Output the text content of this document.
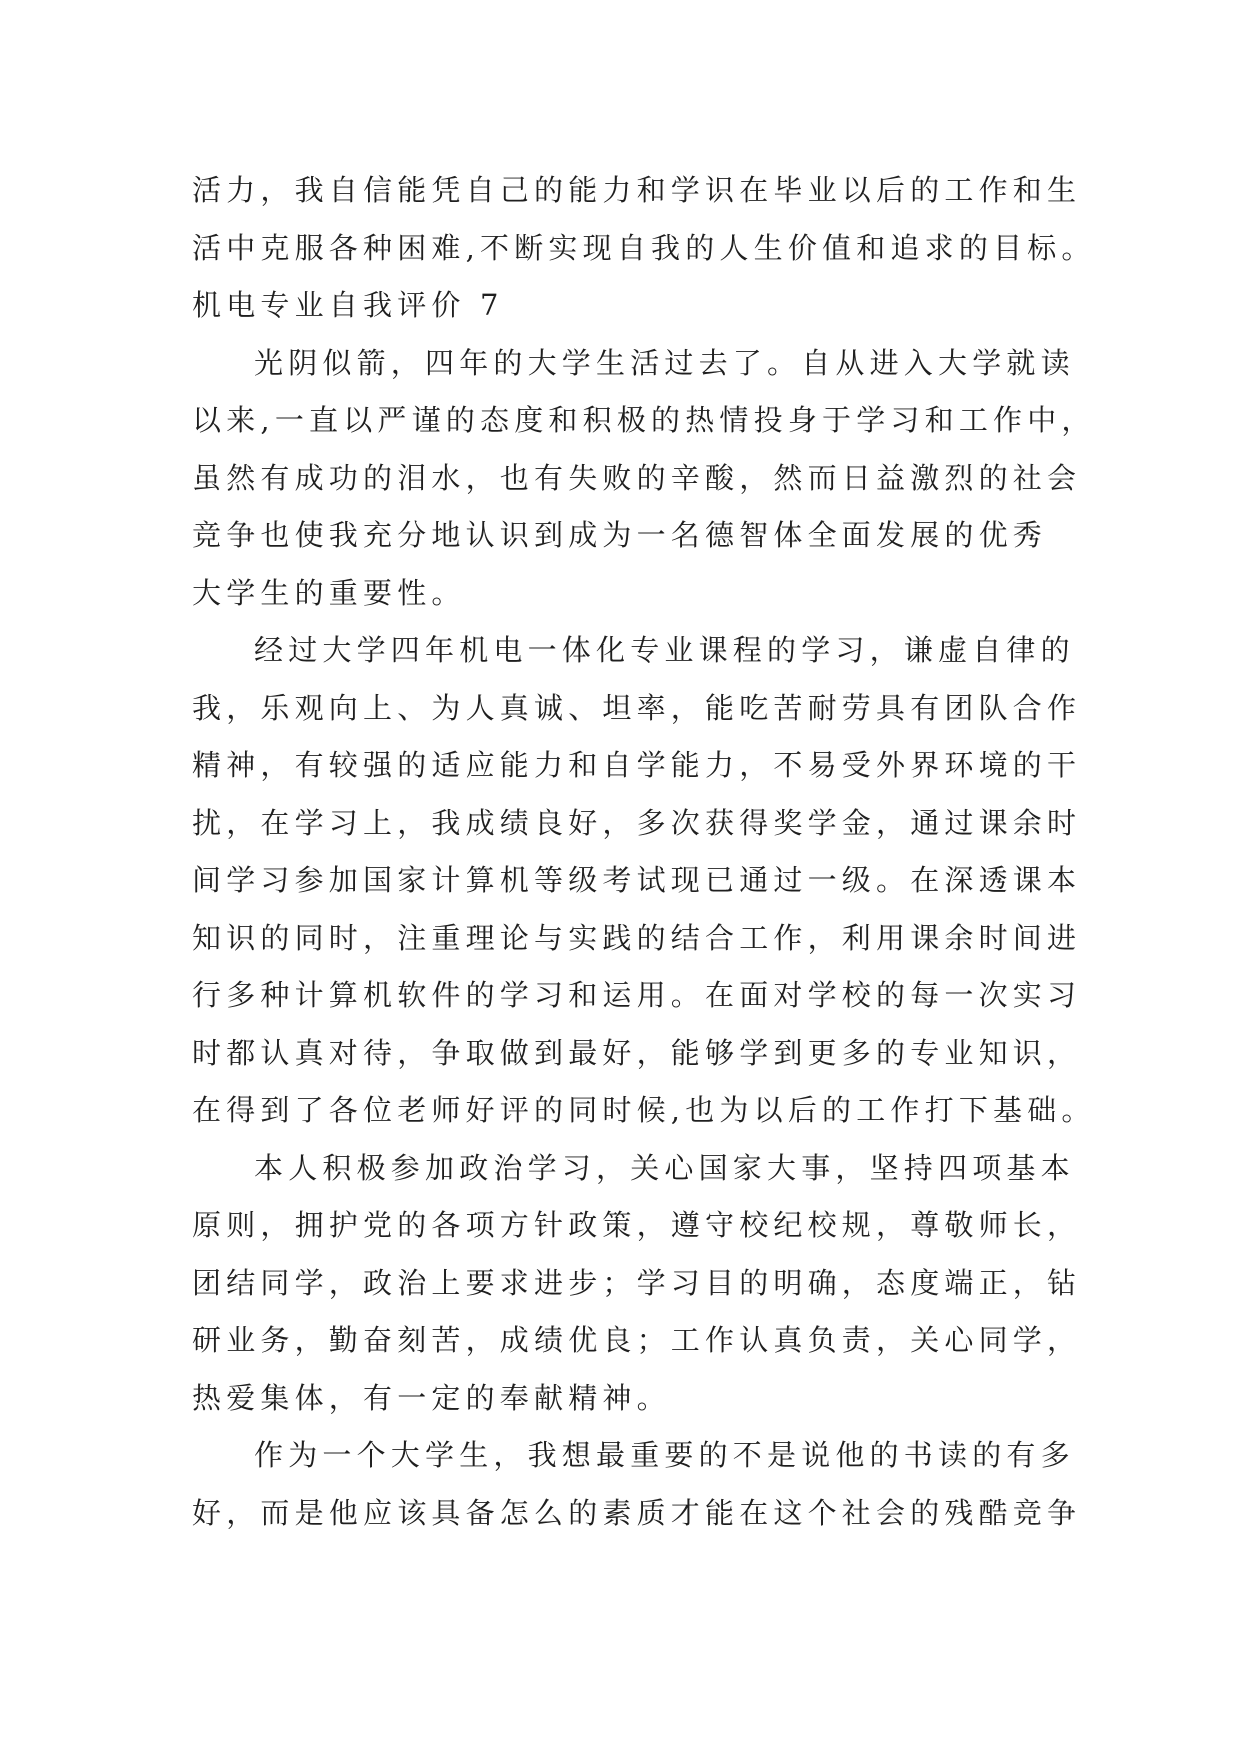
活力，我自信能凭自己的能力和学识在毕业以后的工作和生
活中克服各种困难,不断实现自我的人生价值和追求的目标。
机电专业自我评价 7
光阴似箭，四年的大学生活过去了。自从进入大学就读
以来,一直以严谨的态度和积极的热情投身于学习和工作中，
虽然有成功的泪水，也有失败的辛酸，然而日益激烈的社会
竞争也使我充分地认识到成为一名德智体全面发展的优秀
大学生的重要性。
经过大学四年机电一体化专业课程的学习，谦虚自律的
我，乐观向上、为人真诚、坦率，能吃苦耐劳具有团队合作
精神，有较强的适应能力和自学能力，不易受外界环境的干
扰，在学习上，我成绩良好，多次获得奖学金，通过课余时
间学习参加国家计算机等级考试现已通过一级。在深透课本
知识的同时，注重理论与实践的结合工作，利用课余时间进
行多种计算机软件的学习和运用。在面对学校的每一次实习
时都认真对待，争取做到最好，能够学到更多的专业知识，
在得到了各位老师好评的同时候,也为以后的工作打下基础。
本人积极参加政治学习，关心国家大事，坚持四项基本
原则，拥护党的各项方针政策，遵守校纪校规，尊敬师长，
团结同学，政治上要求进步；学习目的明确，态度端正，钻
研业务，勤奋刻苦，成绩优良；工作认真负责，关心同学，
热爱集体，有一定的奉献精神。
作为一个大学生，我想最重要的不是说他的书读的有多
好，而是他应该具备怎么的素质才能在这个社会的残酷竞争
